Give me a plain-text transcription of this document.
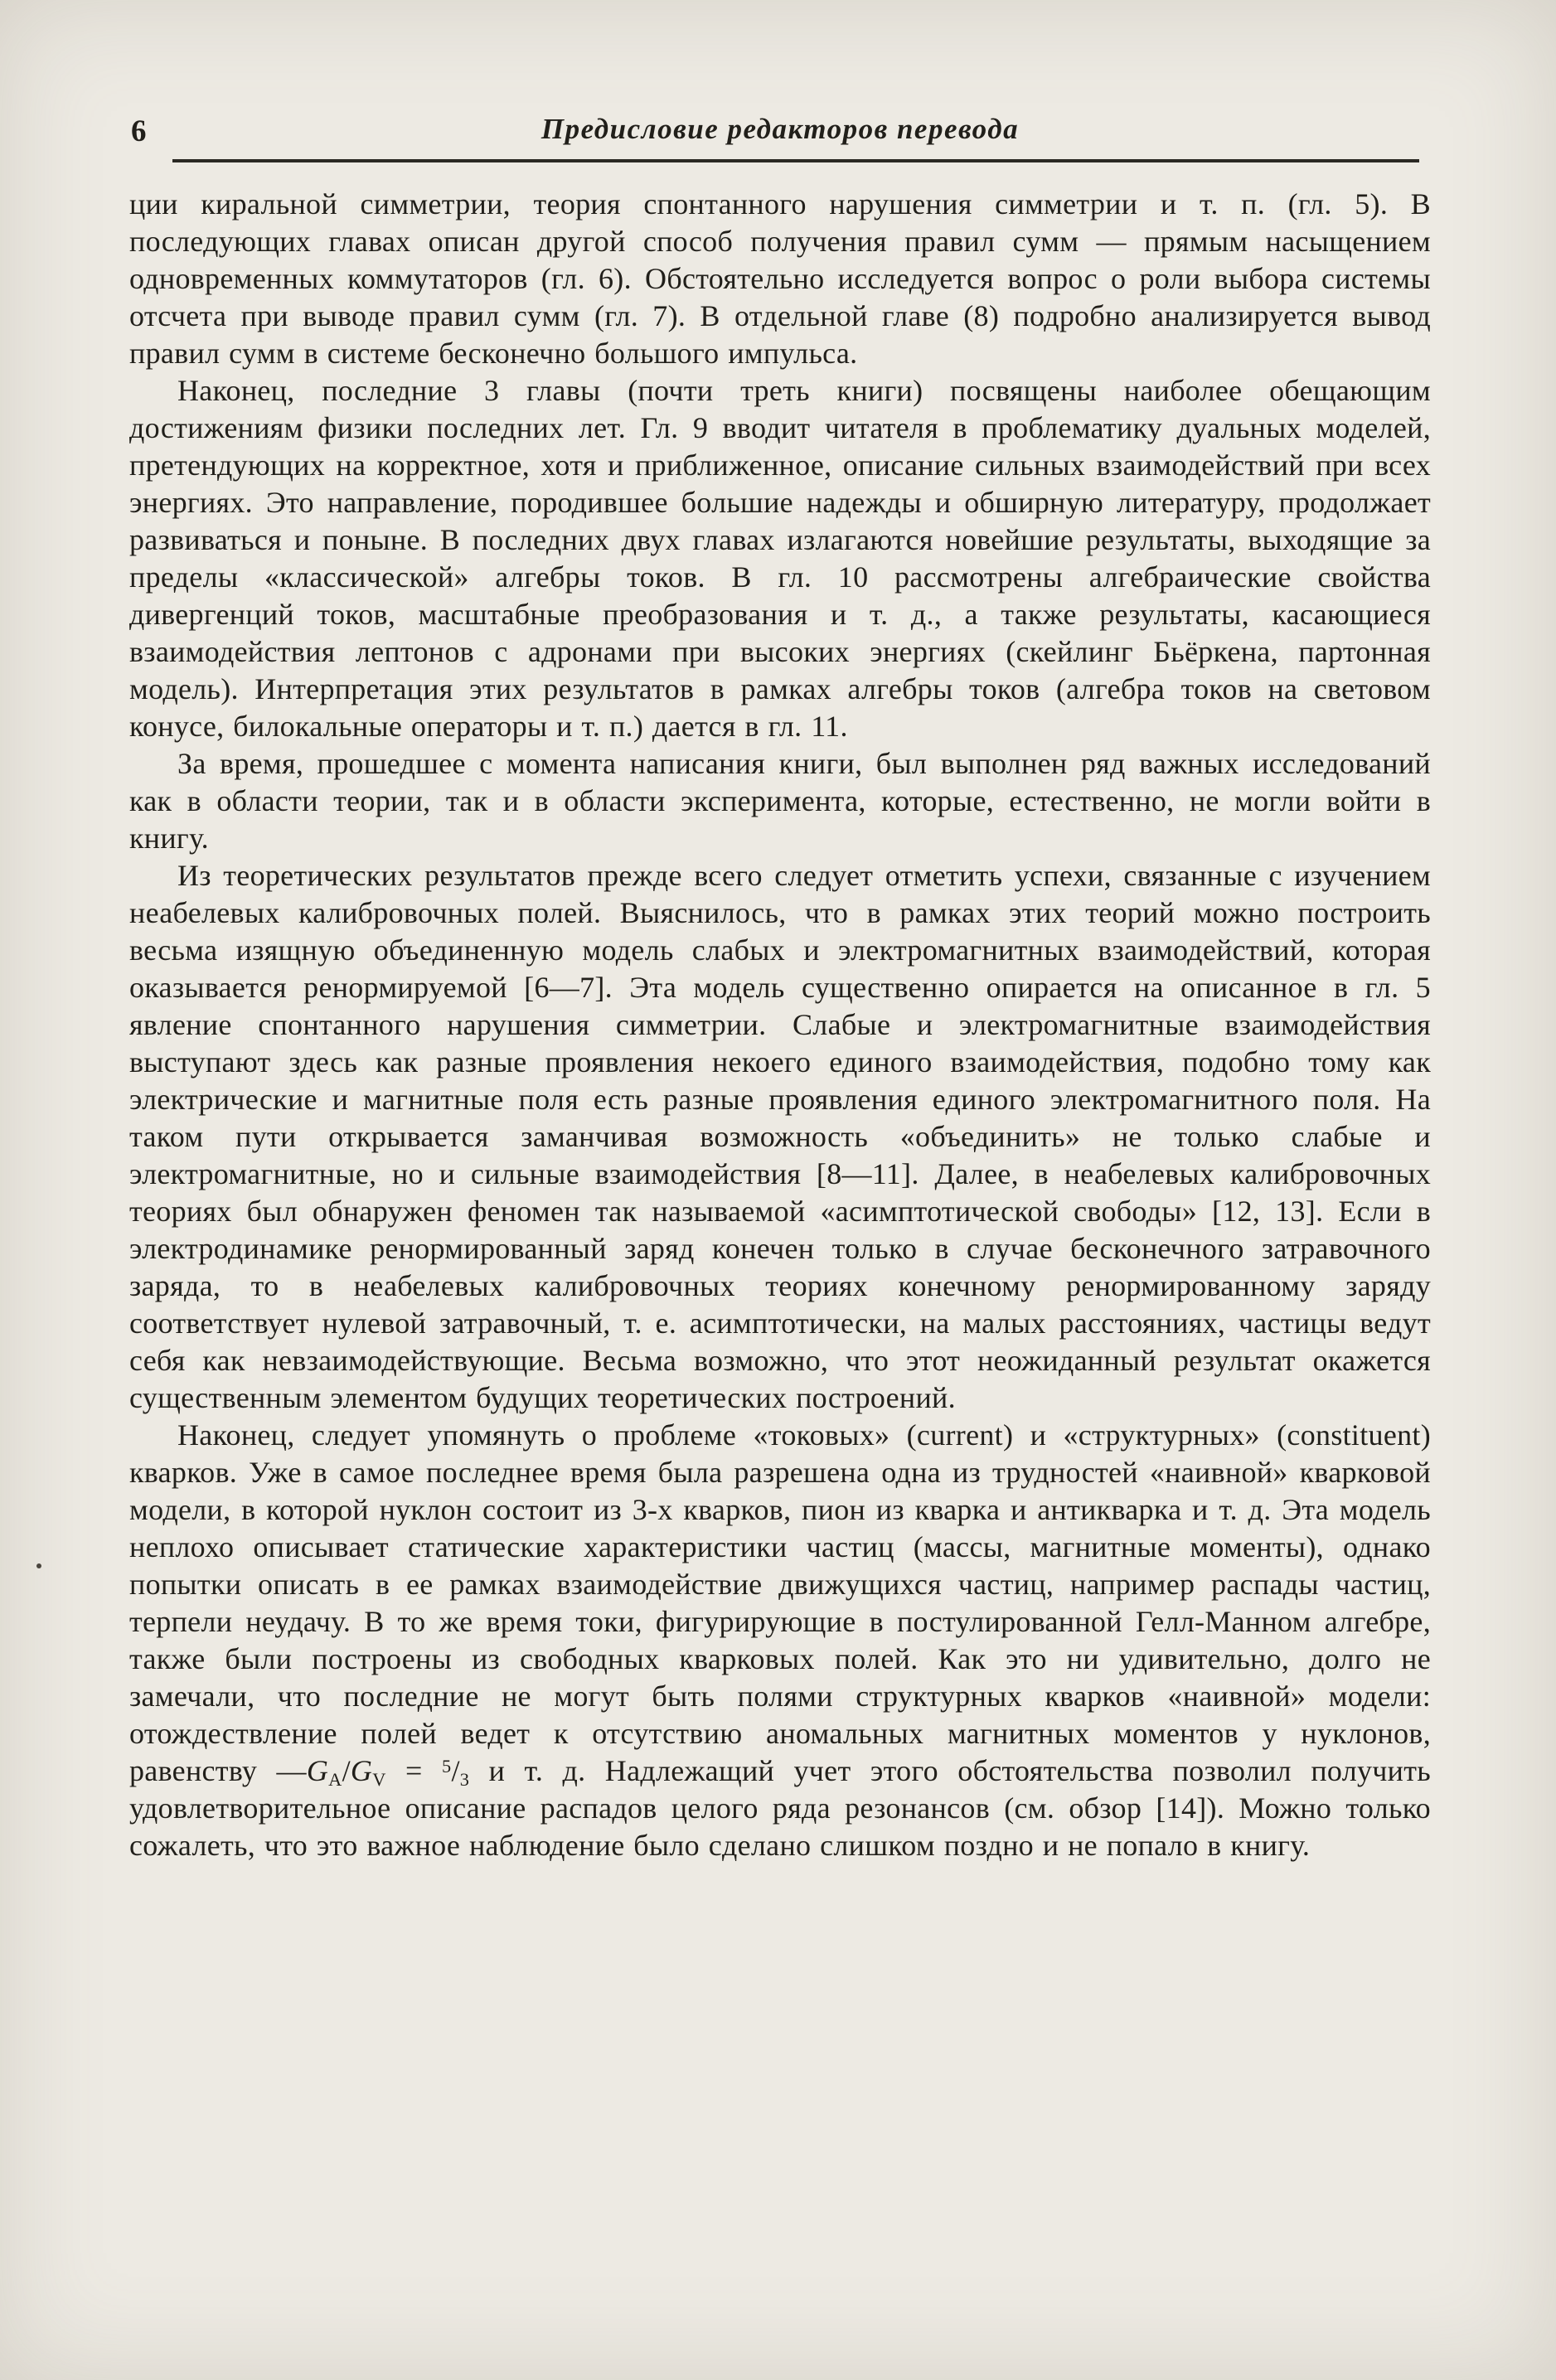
6	Предисловие редакторов перевода

ции киральной симметрии, теория спонтанного нарушения симметрии и т. п. (гл. 5). В последующих главах описан другой способ получения правил сумм — прямым насыщением одновременных коммутаторов (гл. 6). Обстоятельно исследуется вопрос о роли выбора системы отсчета при выводе правил сумм (гл. 7). В отдельной главе (8) подробно анализируется вывод правил сумм в системе бесконечно большого импульса.

Наконец, последние 3 главы (почти треть книги) посвящены наиболее обещающим достижениям физики последних лет. Гл. 9 вводит читателя в проблематику дуальных моделей, претендующих на корректное, хотя и приближенное, описание сильных взаимодействий при всех энергиях. Это направление, породившее большие надежды и обширную литературу, продолжает развиваться и поныне. В последних двух главах излагаются новейшие результаты, выходящие за пределы «классической» алгебры токов. В гл. 10 рассмотрены алгебраические свойства дивергенций токов, масштабные преобразования и т. д., а также результаты, касающиеся взаимодействия лептонов с адронами при высоких энергиях (скейлинг Бьёркена, партонная модель). Интерпретация этих результатов в рамках алгебры токов (алгебра токов на световом конусе, билокальные операторы и т. п.) дается в гл. 11.

За время, прошедшее с момента написания книги, был выполнен ряд важных исследований как в области теории, так и в области эксперимента, которые, естественно, не могли войти в книгу.

Из теоретических результатов прежде всего следует отметить успехи, связанные с изучением неабелевых калибровочных полей. Выяснилось, что в рамках этих теорий можно построить весьма изящную объединенную модель слабых и электромагнитных взаимодействий, которая оказывается ренормируемой [6—7]. Эта модель существенно опирается на описанное в гл. 5 явление спонтанного нарушения симметрии. Слабые и электромагнитные взаимодействия выступают здесь как разные проявления некоего единого взаимодействия, подобно тому как электрические и магнитные поля есть разные проявления единого электромагнитного поля. На таком пути открывается заманчивая возможность «объединить» не только слабые и электромагнитные, но и сильные взаимодействия [8—11]. Далее, в неабелевых калибровочных теориях был обнаружен феномен так называемой «асимптотической свободы» [12, 13]. Если в электродинамике ренормированный заряд конечен только в случае бесконечного затравочного заряда, то в неабелевых калибровочных теориях конечному ренормированному заряду соответствует нулевой затравочный, т. е. асимптотически, на малых расстояниях, частицы ведут себя как невзаимодействующие. Весьма возможно, что этот неожиданный результат окажется существенным элементом будущих теоретических построений.

Наконец, следует упомянуть о проблеме «токовых» (current) и «структурных» (constituent) кварков. Уже в самое последнее время была разрешена одна из трудностей «наивной» кварковой модели, в которой нуклон состоит из 3-х кварков, пион из кварка и антикварка и т. д. Эта модель неплохо описывает статические характеристики частиц (массы, магнитные моменты), однако попытки описать в ее рамках взаимодействие движущихся частиц, например распады частиц, терпели неудачу. В то же время токи, фигурирующие в постулированной Гелл-Манном алгебре, также были построены из свободных кварковых полей. Как это ни удивительно, долго не замечали, что последние не могут быть полями структурных кварков «наивной» модели: отождествление полей ведет к отсутствию аномальных магнитных моментов у нуклонов, равенству $—G_A/G_V = ^5/_3$ и т. д. Надлежащий учет этого обстоятельства позволил получить удовлетворительное описание распадов целого ряда резонансов (см. обзор [14]). Можно только сожалеть, что это важное наблюдение было сделано слишком поздно и не попало в книгу.
